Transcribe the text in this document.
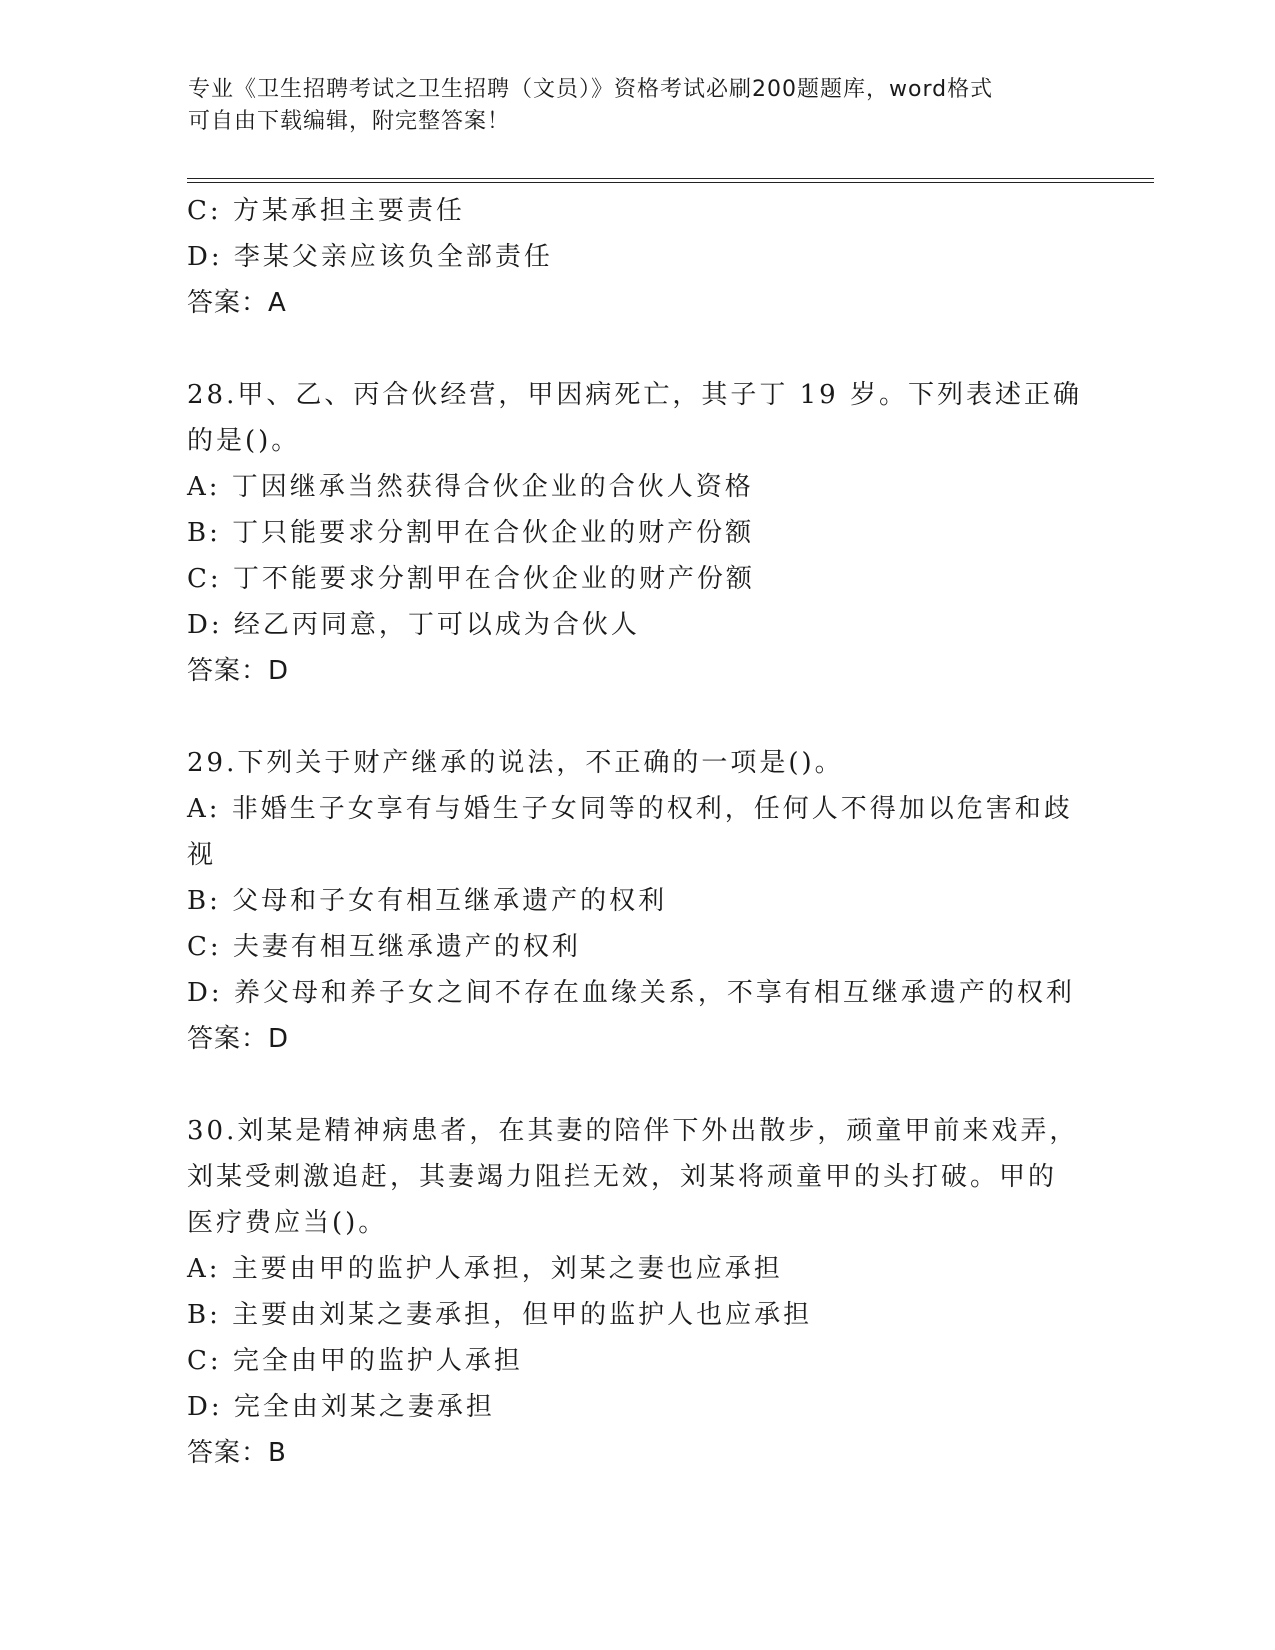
专业《卫生招聘考试之卫生招聘（文员）》资格考试必刷200题题库，word格式
可自由下载编辑，附完整答案！
C: 方某承担主要责任
D: 李某父亲应该负全部责任
答案：A
28.甲、乙、丙合伙经营，甲因病死亡，其子丁 19 岁。下列表述正确
的是()。
A: 丁因继承当然获得合伙企业的合伙人资格
B: 丁只能要求分割甲在合伙企业的财产份额
C: 丁不能要求分割甲在合伙企业的财产份额
D: 经乙丙同意，丁可以成为合伙人
答案：D
29.下列关于财产继承的说法，不正确的一项是()。
A: 非婚生子女享有与婚生子女同等的权利，任何人不得加以危害和歧
视
B: 父母和子女有相互继承遗产的权利
C: 夫妻有相互继承遗产的权利
D: 养父母和养子女之间不存在血缘关系，不享有相互继承遗产的权利
答案：D
30.刘某是精神病患者，在其妻的陪伴下外出散步，顽童甲前来戏弄，
刘某受刺激追赶，其妻竭力阻拦无效，刘某将顽童甲的头打破。甲的
医疗费应当()。
A: 主要由甲的监护人承担，刘某之妻也应承担
B: 主要由刘某之妻承担，但甲的监护人也应承担
C: 完全由甲的监护人承担
D: 完全由刘某之妻承担
答案：B
